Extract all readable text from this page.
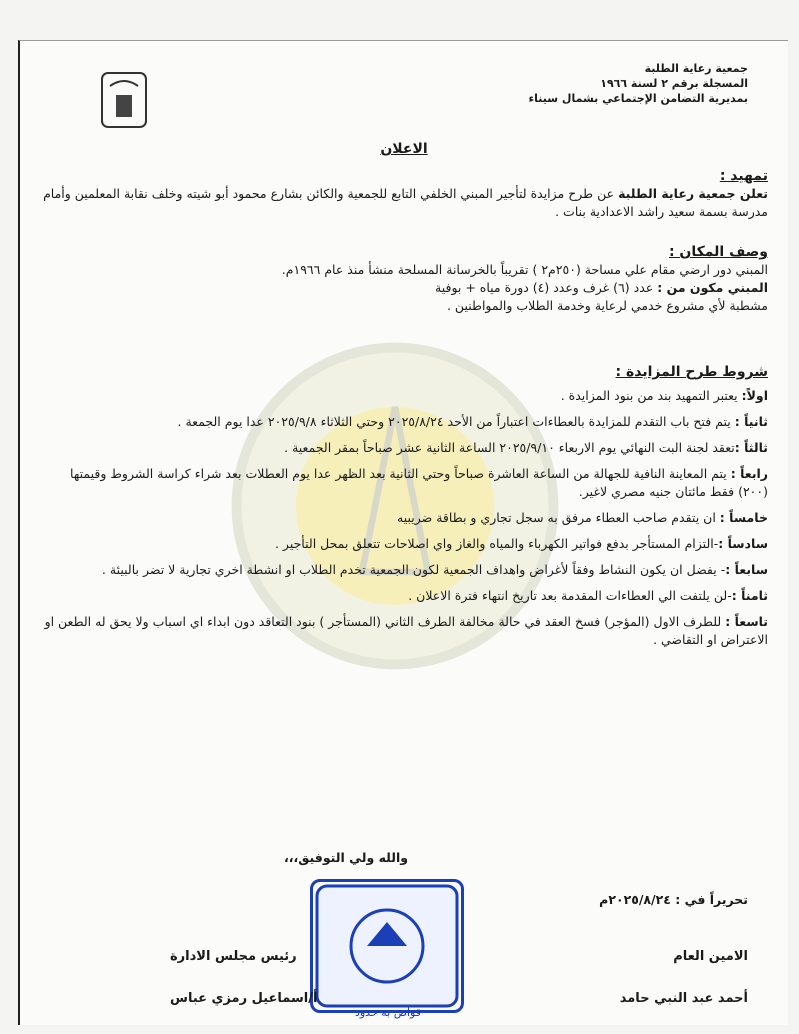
جمعية رعاية الطلبة
المسجلة برقم ٢ لسنة ١٩٦٦
بمديرية التضامن الإجتماعي بشمال سيناء
الاعلان
تمهيد :
تعلن جمعية رعاية الطلبة عن طرح مزايدة لتأجير المبني الخلفي التابع للجمعية والكائن بشارع محمود أبو شيته وخلف نقابة المعلمين وأمام مدرسة بسمة سعيد راشد الاعدادية بنات .
وصف المكان :
المبني دور ارضي مقام علي مساحة (٢٥٠م٢ ) تقريباً بالخرسانة المسلحة منشأ منذ عام ١٩٦٦م.
المبني مكون من : عدد (٦) غرف وعدد (٤) دورة مياه + بوفية
مشطبة لأي مشروع خدمي لرعاية وخدمة الطلاب والمواطنين .
شروط طرح المزايدة :
اولاً: يعتبر التمهيد بند من بنود المزايدة .
ثانياً : يتم فتح باب التقدم للمزايدة بالعطاءات اعتباراً من الأحد ٢٠٢٥/٨/٢٤ وحتي الثلاثاء ٢٠٢٥/٩/٨ عدا يوم الجمعة .
ثالثاً :تعقد لجنة البت النهائي يوم الاربعاء ٢٠٢٥/٩/١٠ الساعة الثانية عشر صباحاً بمقر الجمعية .
رابعاً : يتم المعاينة النافية للجهالة من الساعة العاشرة صباحاً وحتي الثانية بعد الظهر عدا يوم العطلات بعد شراء كراسة الشروط وقيمتها (٢٠٠) فقط مائتان جنيه مصري لاغير.
خامساً : ان يتقدم صاحب العطاء مرفق به سجل تجاري و بطاقة ضريبيه
سادساً :-التزام المستأجر بدفع فواتير الكهرباء والمياه والغاز واي اصلاحات تتعلق بمحل التأجير .
سابعاً :- يفضل ان يكون النشاط وفقاً لأغراض واهداف الجمعية لكون الجمعية تخدم الطلاب او انشطة اخري تجارية لا تضر بالبيئة .
ثامناً :-لن يلتفت الي العطاءات المقدمة بعد تاريخ انتهاء فترة الاعلان .
تاسعاً : للطرف الاول (المؤجر) فسخ العقد في حالة مخالفة الطرف الثاني (المستأجر ) بنود التعاقد دون ابداء اي اسباب ولا يحق له الطعن او الاعتراض او التقاضي .
والله ولي التوفيق،،،
تحريراً في : ٢٠٢٥/٨/٢٤م
قواص به حدود
رئيس مجلس الادارة
أ/اسماعيل رمزي عباس
الامين العام
أحمد عبد النبي حامد
